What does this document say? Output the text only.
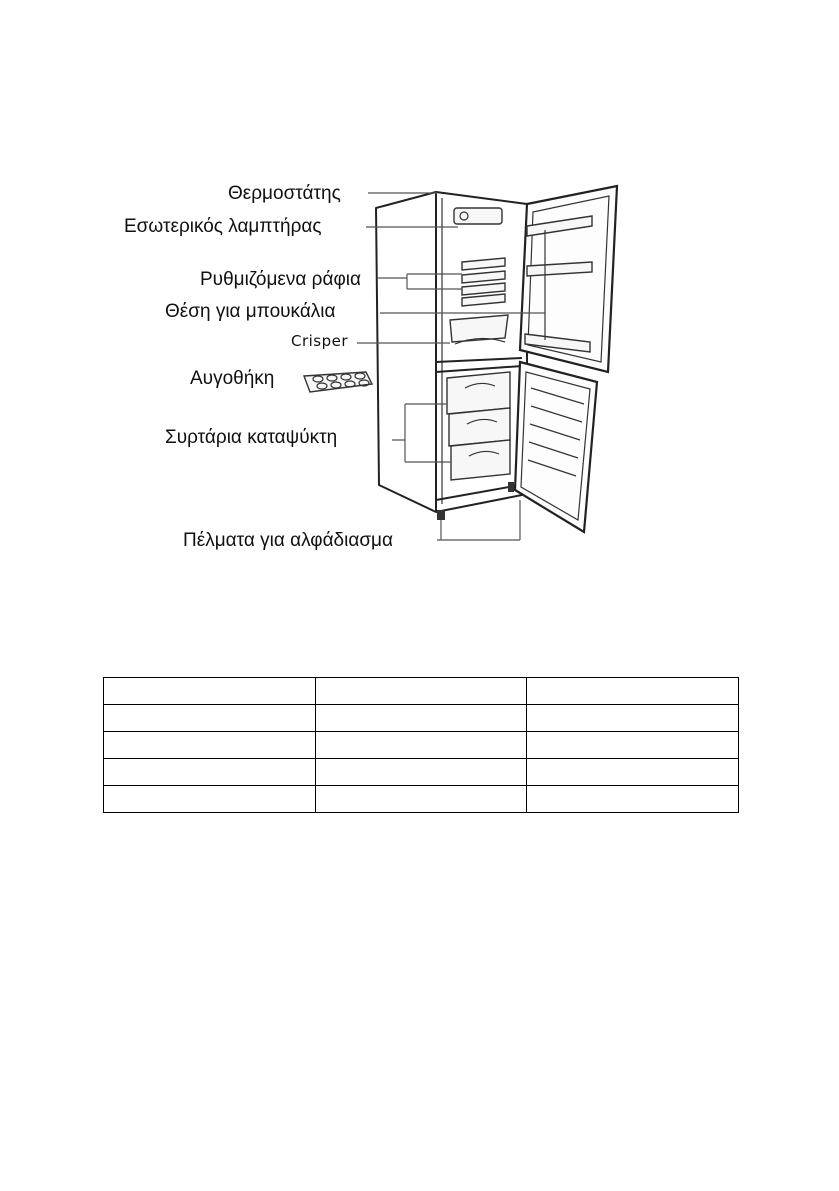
Θερμοστάτης
Εσωτερικός λαμπτήρας
Ρυθμιζόμενα ράφια
Θέση για μπουκάλια
Crisper
Αυγοθήκη
Συρτάρια καταψύκτη
Πέλματα για αλφάδιασμα
